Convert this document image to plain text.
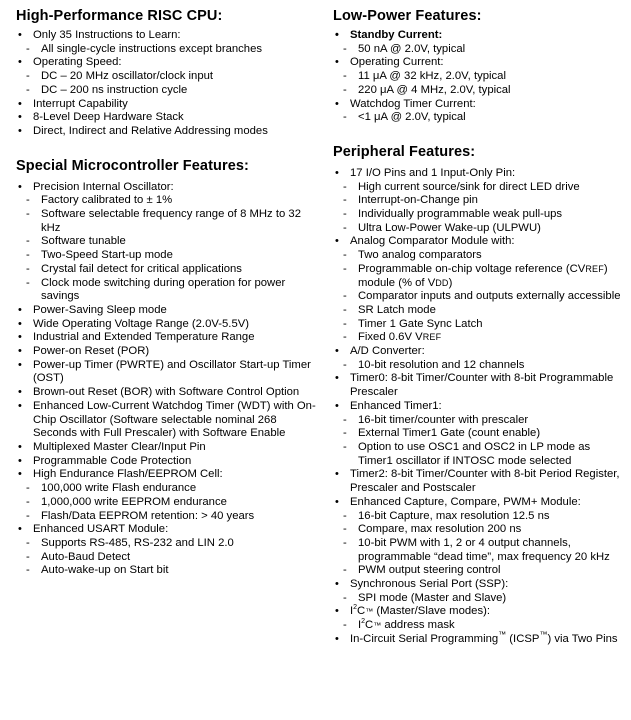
High-Performance RISC CPU:
• Only 35 Instructions to Learn:
- All single-cycle instructions except branches
• Operating Speed:
- DC – 20 MHz oscillator/clock input
- DC – 200 ns instruction cycle
• Interrupt Capability
• 8-Level Deep Hardware Stack
• Direct, Indirect and Relative Addressing modes
Special Microcontroller Features:
• Precision Internal Oscillator:
- Factory calibrated to ± 1%
- Software selectable frequency range of 8 MHz to 32 kHz
- Software tunable
- Two-Speed Start-up mode
- Crystal fail detect for critical applications
- Clock mode switching during operation for power savings
• Power-Saving Sleep mode
• Wide Operating Voltage Range (2.0V-5.5V)
• Industrial and Extended Temperature Range
• Power-on Reset (POR)
• Power-up Timer (PWRTE) and Oscillator Start-up Timer (OST)
• Brown-out Reset (BOR) with Software Control Option
• Enhanced Low-Current Watchdog Timer (WDT) with On-Chip Oscillator (Software selectable nominal 268 Seconds with Full Prescaler) with Software Enable
• Multiplexed Master Clear/Input Pin
• Programmable Code Protection
• High Endurance Flash/EEPROM Cell:
- 100,000 write Flash endurance
- 1,000,000 write EEPROM endurance
- Flash/Data EEPROM retention: > 40 years
• Enhanced USART Module:
- Supports RS-485, RS-232 and LIN 2.0
- Auto-Baud Detect
- Auto-wake-up on Start bit
Low-Power Features:
• Standby Current:
- 50 nA @ 2.0V, typical
• Operating Current:
- 11 μA @ 32 kHz, 2.0V, typical
- 220 μA @ 4 MHz, 2.0V, typical
• Watchdog Timer Current:
- <1 μA @ 2.0V, typical
Peripheral Features:
• 17 I/O Pins and 1 Input-Only Pin:
- High current source/sink for direct LED drive
- Interrupt-on-Change pin
- Individually programmable weak pull-ups
- Ultra Low-Power Wake-up (ULPWU)
• Analog Comparator Module with:
- Two analog comparators
- Programmable on-chip voltage reference (CVREF) module (% of VDD)
- Comparator inputs and outputs externally accessible
- SR Latch mode
- Timer 1 Gate Sync Latch
- Fixed 0.6V VREF
• A/D Converter:
- 10-bit resolution and 12 channels
• Timer0: 8-bit Timer/Counter with 8-bit Programmable Prescaler
• Enhanced Timer1:
- 16-bit timer/counter with prescaler
- External Timer1 Gate (count enable)
- Option to use OSC1 and OSC2 in LP mode as Timer1 oscillator if INTOSC mode selected
• Timer2: 8-bit Timer/Counter with 8-bit Period Register, Prescaler and Postscaler
• Enhanced Capture, Compare, PWM+ Module:
- 16-bit Capture, max resolution 12.5 ns
- Compare, max resolution 200 ns
- 10-bit PWM with 1, 2 or 4 output channels, programmable “dead time”, max frequency 20 kHz
- PWM output steering control
• Synchronous Serial Port (SSP):
- SPI mode (Master and Slave)
• $I^2C™$ (Master/Slave modes):
- $I^2C™$ address mask
• In-Circuit Serial Programming™ (ICSP™) via Two Pins
